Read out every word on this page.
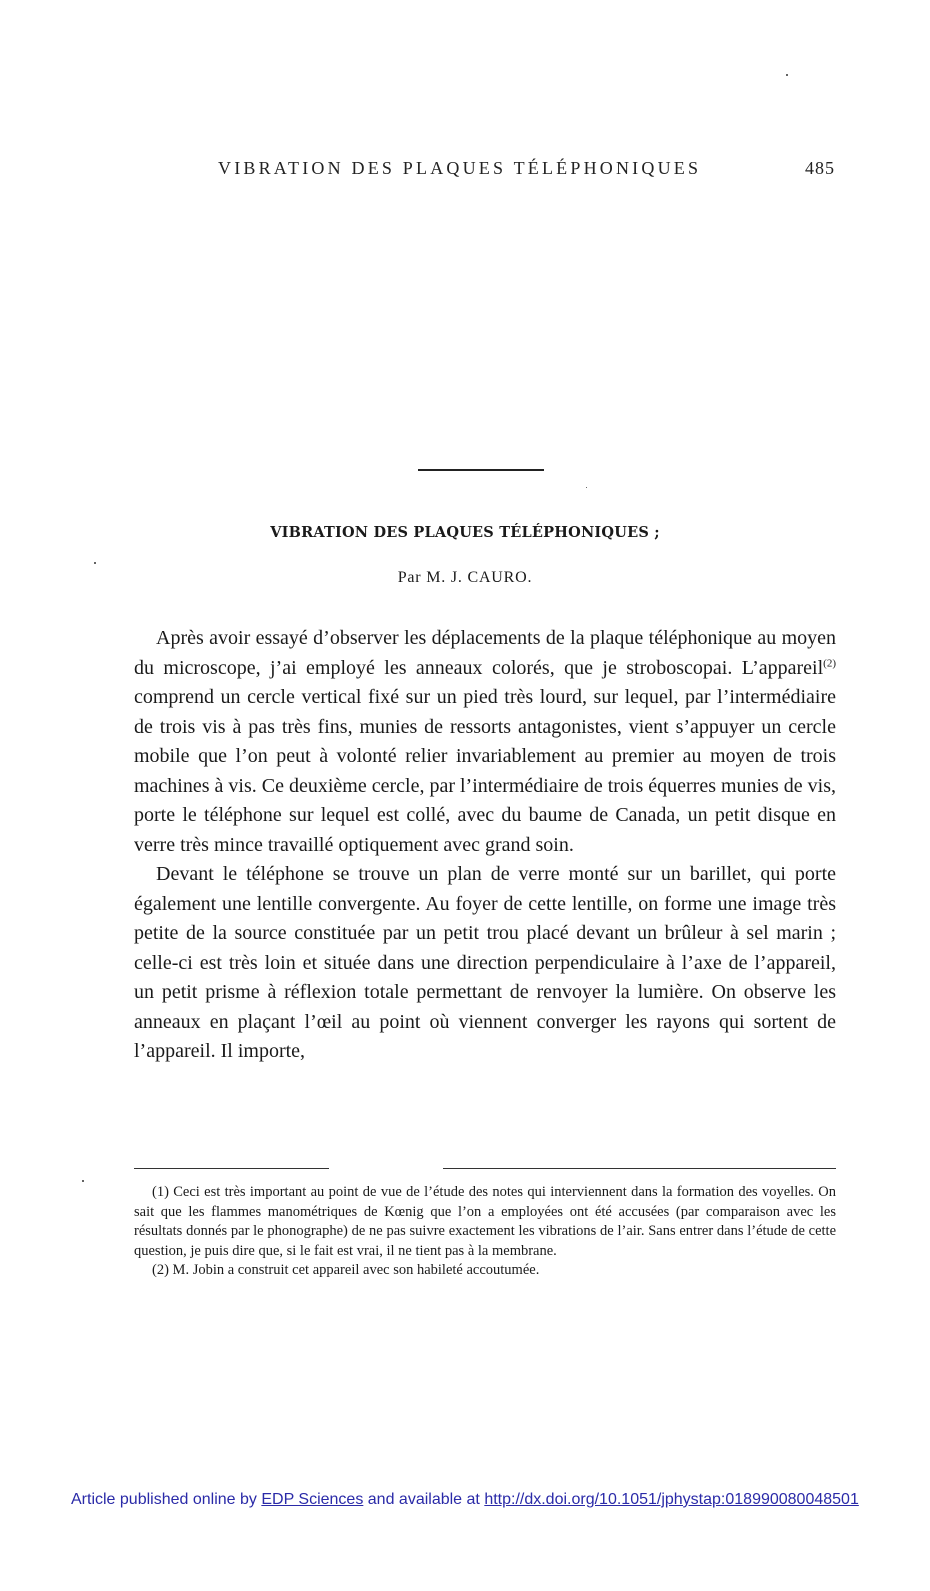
VIBRATION DES PLAQUES TÉLÉPHONIQUES	485
VIBRATION DES PLAQUES TÉLÉPHONIQUES ;
Par M. J. CAURO.

Après avoir essayé d’observer les déplacements de la plaque téléphonique au moyen du microscope, j’ai employé les anneaux colorés, que je stroboscopai. L’appareil$^{(2)}$ comprend un cercle vertical fixé sur un pied très lourd, sur lequel, par l’intermédiaire de trois vis à pas très fins, munies de ressorts antagonistes, vient s’appuyer un cercle mobile que l’on peut à volonté relier invariablement au premier au moyen de trois machines à vis. Ce deuxième cercle, par l’intermédiaire de trois équerres munies de vis, porte le téléphone sur lequel est collé, avec du baume de Canada, un petit disque en verre très mince travaillé optiquement avec grand soin.

Devant le téléphone se trouve un plan de verre monté sur un barillet, qui porte également une lentille convergente. Au foyer de cette lentille, on forme une image très petite de la source constituée par un petit trou placé devant un brûleur à sel marin ; celle-ci est très loin et située dans une direction perpendiculaire à l’axe de l’appareil, un petit prisme à réflexion totale permettant de renvoyer la lumière. On observe les anneaux en plaçant l’œil au point où viennent converger les rayons qui sortent de l’appareil. Il importe,

(1) Ceci est très important au point de vue de l’étude des notes qui interviennent dans la formation des voyelles. On sait que les flammes manométriques de Kœnig que l’on a employées ont été accusées (par comparaison avec les résultats donnés par le phonographe) de ne pas suivre exactement les vibrations de l’air. Sans entrer dans l’étude de cette question, je puis dire que, si le fait est vrai, il ne tient pas à la membrane.

(2) M. Jobin a construit cet appareil avec son habileté accoutumée.

Article published online by EDP Sciences and available at http://dx.doi.org/10.1051/jphystap:018990080048501
